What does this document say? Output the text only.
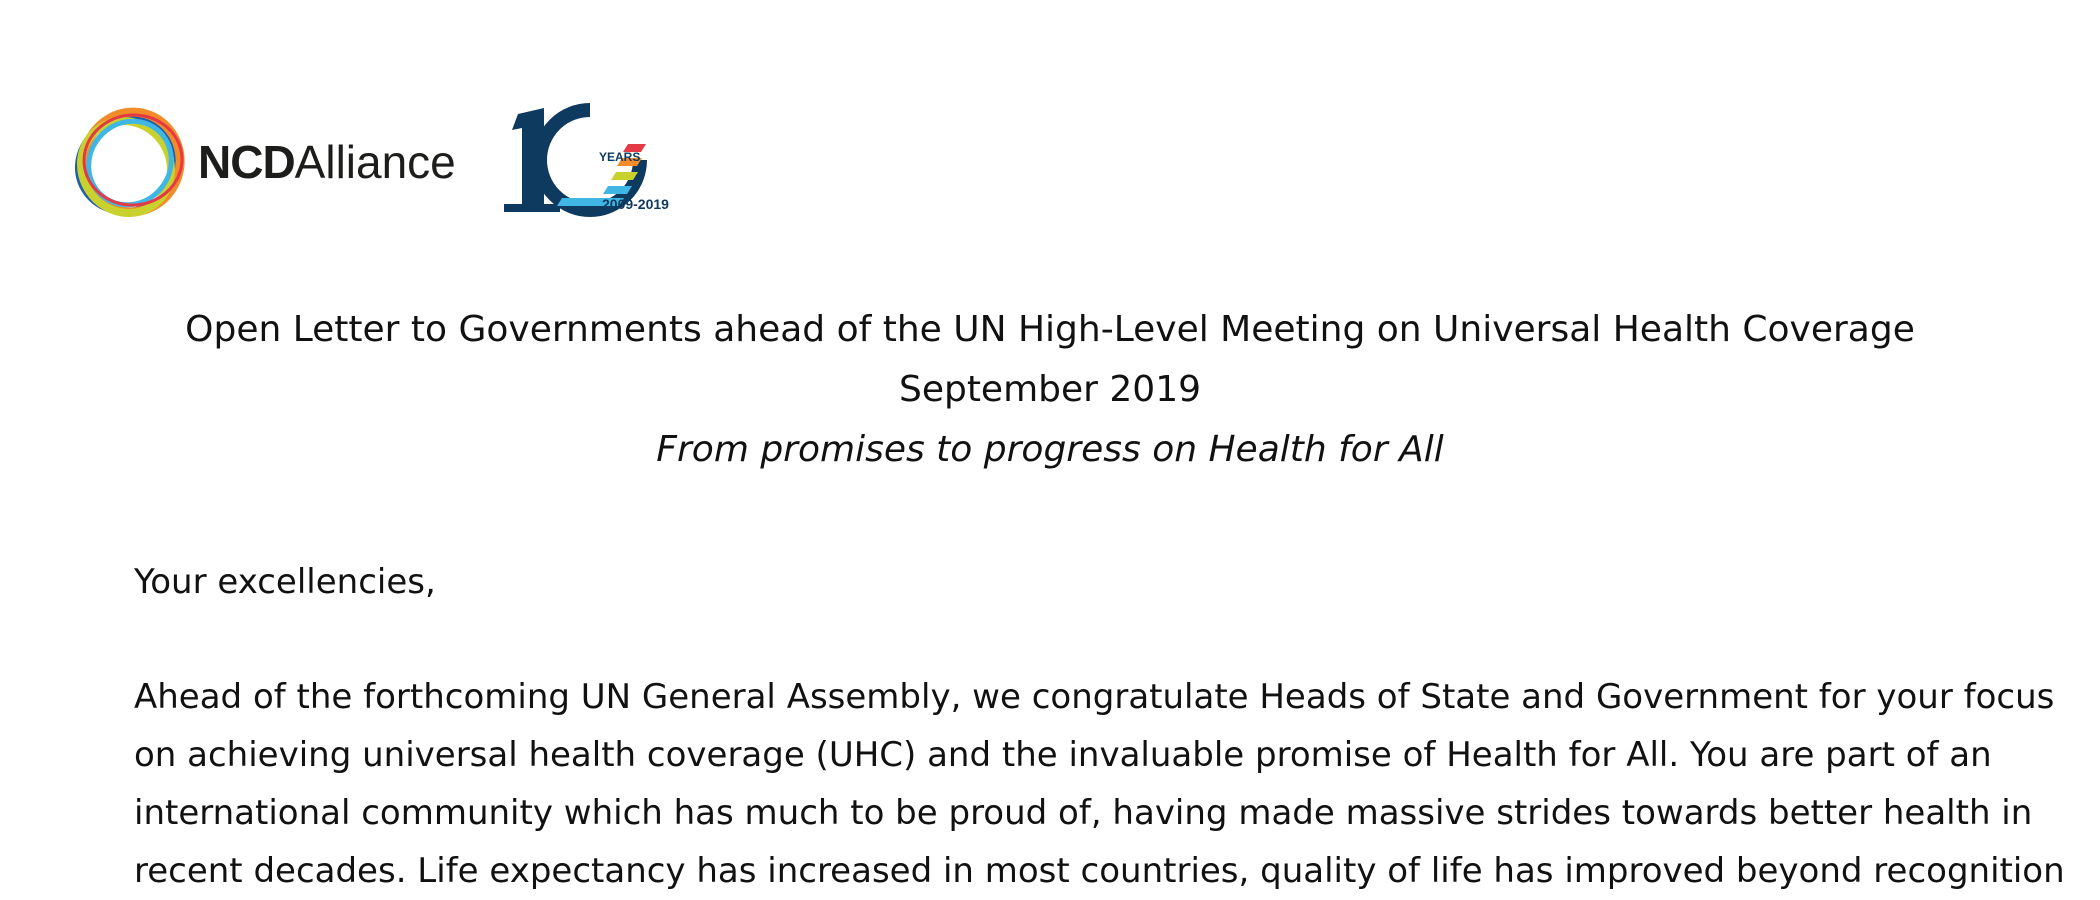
NCDAlliance	YEARS
2009-2019
Open Letter to Governments ahead of the UN High-Level Meeting on Universal Health Coverage
September 2019
From promises to progress on Health for All
Your excellencies,
Ahead of the forthcoming UN General Assembly, we congratulate Heads of State and Government for your focus
on achieving universal health coverage (UHC) and the invaluable promise of Health for All. You are part of an
international community which has much to be proud of, having made massive strides towards better health in
recent decades. Life expectancy has increased in most countries, quality of life has improved beyond recognition
